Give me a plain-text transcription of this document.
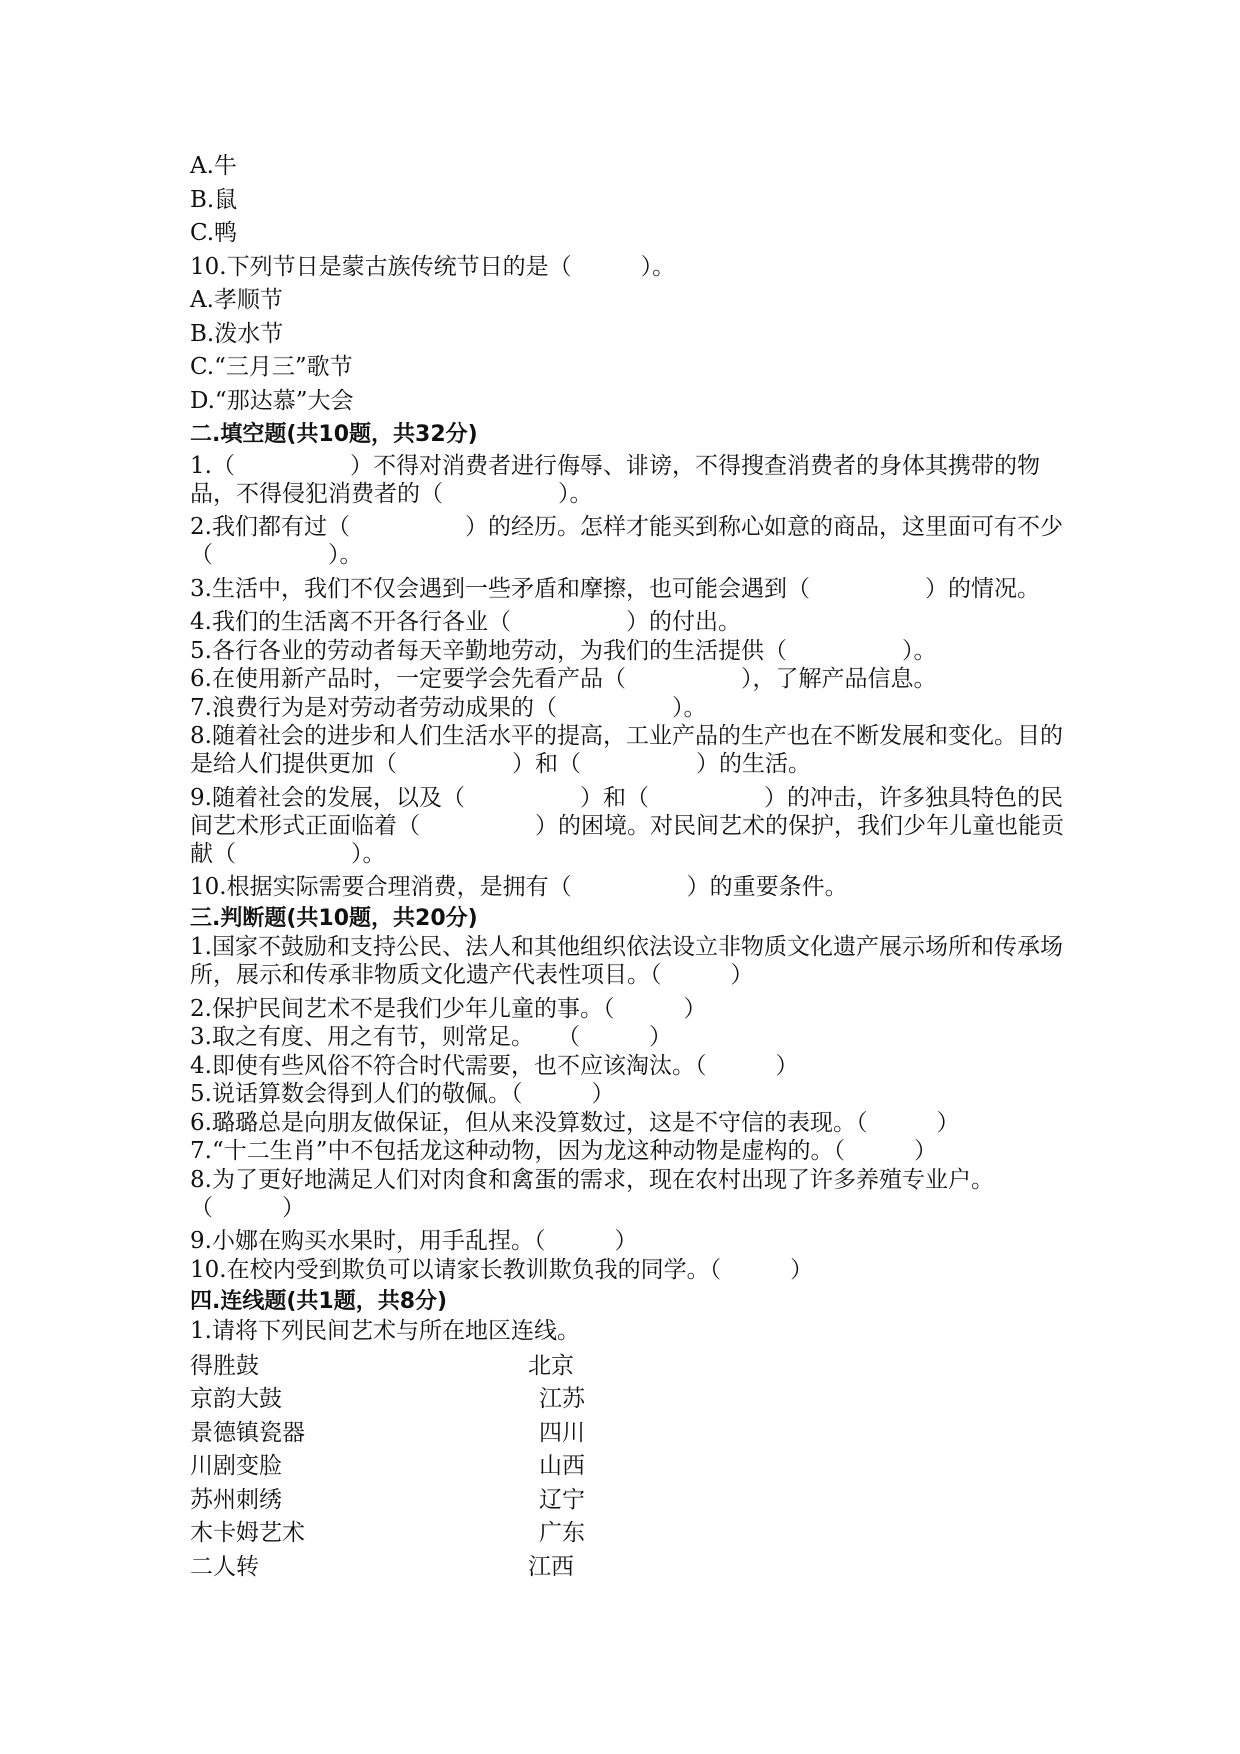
A.牛
B.鼠
C.鸭
10.下列节日是蒙古族传统节日的是（　　　）。
A.孝顺节
B.泼水节
C.“三月三”歌节
D.“那达慕”大会
二.填空题(共10题，共32分)
1.（　　　　　）不得对消费者进行侮辱、诽谤，不得搜查消费者的身体其携带的物品，不得侵犯消费者的（　　　　　）。
2.我们都有过（　　　　　）的经历。怎样才能买到称心如意的商品，这里面可有不少（　　　　　）。
3.生活中，我们不仅会遇到一些矛盾和摩擦，也可能会遇到（　　　　　）的情况。
4.我们的生活离不开各行各业（　　　　　）的付出。
5.各行各业的劳动者每天辛勤地劳动，为我们的生活提供（　　　　　）。
6.在使用新产品时，一定要学会先看产品（　　　　　），了解产品信息。
7.浪费行为是对劳动者劳动成果的（　　　　　）。
8.随着社会的进步和人们生活水平的提高，工业产品的生产也在不断发展和变化。目的是给人们提供更加（　　　　　）和（　　　　　）的生活。
9.随着社会的发展，以及（　　　　　）和（　　　　　）的冲击，许多独具特色的民间艺术形式正面临着（　　　　　）的困境。对民间艺术的保护，我们少年儿童也能贡献（　　　　　）。
10.根据实际需要合理消费，是拥有（　　　　　）的重要条件。
三.判断题(共10题，共20分)
1.国家不鼓励和支持公民、法人和其他组织依法设立非物质文化遗产展示场所和传承场所，展示和传承非物质文化遗产代表性项目。（　　　）
2.保护民间艺术不是我们少年儿童的事。（　　　）
3.取之有度、用之有节，则常足。　　（　　　）
4.即使有些风俗不符合时代需要，也不应该淘汰。（　　　）
5.说话算数会得到人们的敬佩。（　　　）
6.璐璐总是向朋友做保证，但从来没算数过，这是不守信的表现。（　　　）
7.“十二生肖”中不包括龙这种动物，因为龙这种动物是虚构的。（　　　）
8.为了更好地满足人们对肉食和禽蛋的需求，现在农村出现了许多养殖专业户。（　　　）
9.小娜在购买水果时，用手乱捏。（　　　）
10.在校内受到欺负可以请家长教训欺负我的同学。（　　　）
四.连线题(共1题，共8分)
1.请将下列民间艺术与所在地区连线。
得胜鼓	北京
京韵大鼓	江苏
景德镇瓷器	四川
川剧变脸	山西
苏州刺绣	辽宁
木卡姆艺术	广东
二人转	江西
